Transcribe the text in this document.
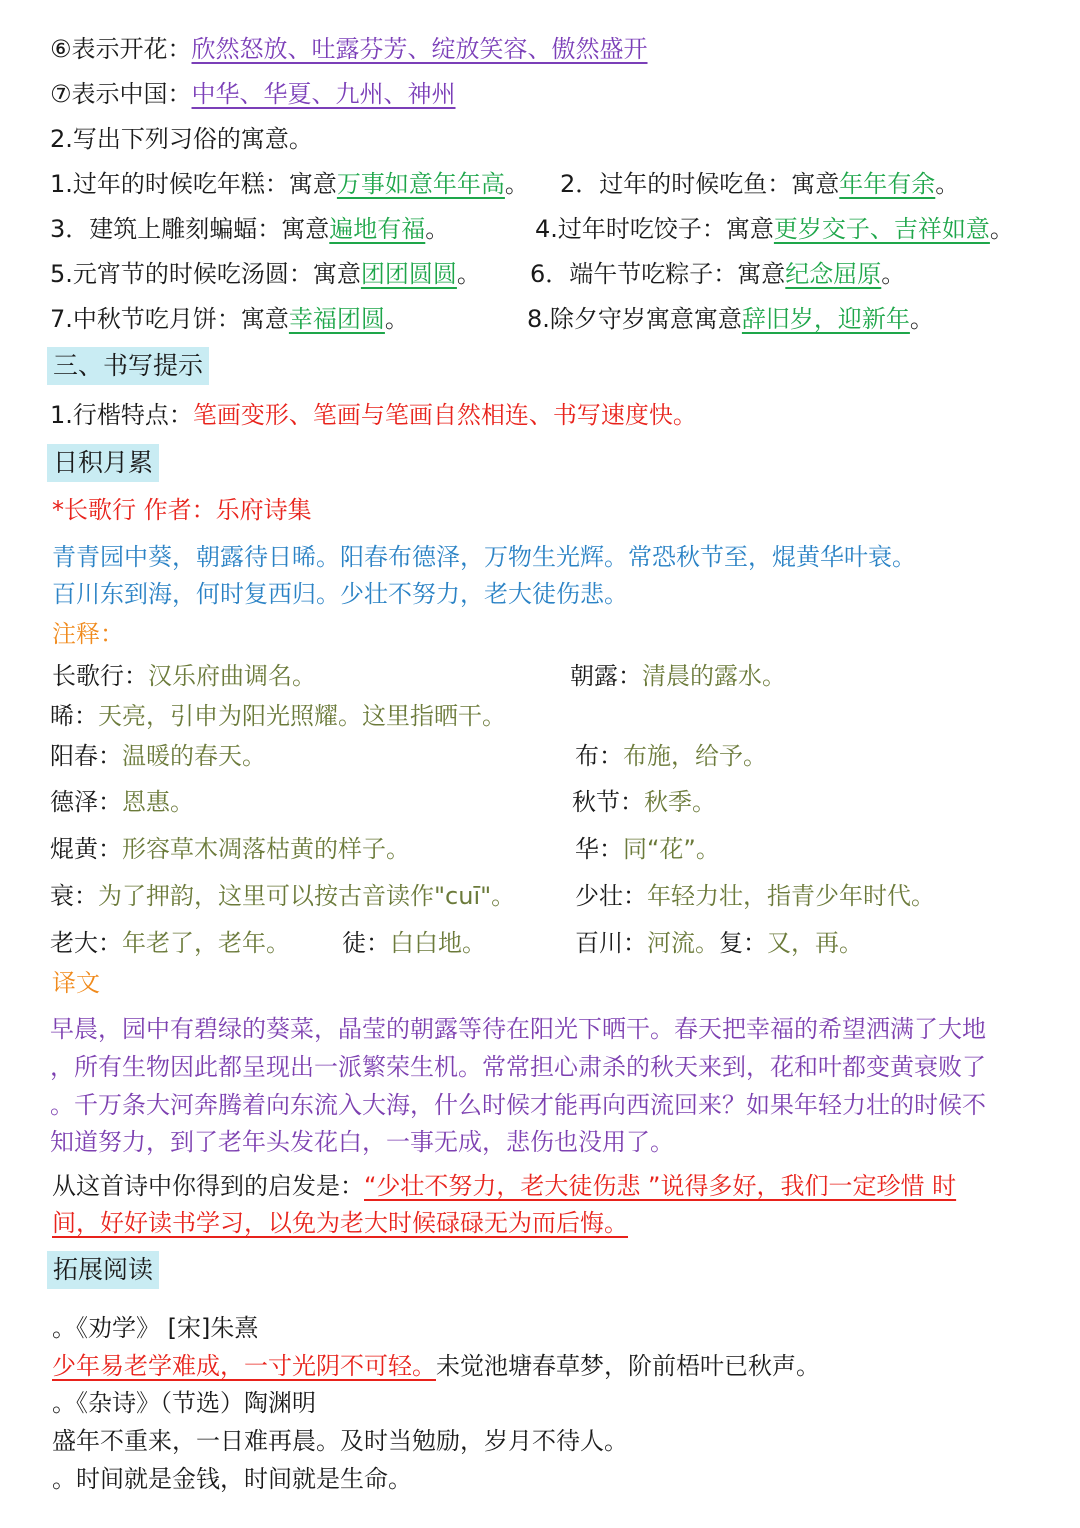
⑥表示开花：欣然怒放、吐露芬芳、绽放笑容、傲然盛开
⑦表示中国：中华、华夏、九州、神州
2.写出下列习俗的寓意。
1.过年的时候吃年糕：寓意万事如意年年高。 2．过年的时候吃鱼：寓意年年有余。
3．建筑上雕刻蝙蝠：寓意遍地有福。	4.过年时吃饺子：寓意更岁交子、吉祥如意。
5.元宵节的时候吃汤圆：寓意团团圆圆。 6．端午节吃粽子：寓意纪念屈原。
7.中秋节吃月饼：寓意幸福团圆。	8.除夕守岁寓意寓意辞旧岁，迎新年。
三、书写提示
1.行楷特点：笔画变形、笔画与笔画自然相连、书写速度快。
日积月累
*长歌行 作者：乐府诗集
青青园中葵，朝露待日晞。阳春布德泽，万物生光辉。常恐秋节至，焜黄华叶衰。
百川东到海，何时复西归。少壮不努力，老大徒伤悲。
注释：
长歌行：汉乐府曲调名。	朝露：清晨的露水。
晞：天亮，引申为阳光照耀。这里指晒干。
阳春：温暖的春天。	布：布施，给予。
德泽：恩惠。	秋节：秋季。
焜黄：形容草木凋落枯黄的样子。	华：同“花”。
衰：为了押韵，这里可以按古音读作"cuī"。 少壮：年轻力壮，指青少年时代。
老大：年老了，老年。 徒：白白地。	百川：河流。复：又，再。
译文
早晨，园中有碧绿的葵菜，晶莹的朝露等待在阳光下晒干。春天把幸福的希望洒满了大地
，所有生物因此都呈现出一派繁荣生机。常常担心肃杀的秋天来到，花和叶都变黄衰败了
。千万条大河奔腾着向东流入大海，什么时候才能再向西流回来？如果年轻力壮的时候不
知道努力，到了老年头发花白，一事无成，悲伤也没用了。
从这首诗中你得到的启发是：“少壮不努力，老大徒伤悲 ”说得多好，我们一定珍惜 时
间，好好读书学习，以免为老大时候碌碌无为而后悔。
拓展阅读
。《劝学》 [宋]朱熹
少年易老学难成，一寸光阴不可轻。未觉池塘春草梦，阶前梧叶已秋声。
。《杂诗》（节选）陶渊明
盛年不重来，一日难再晨。及时当勉励，岁月不待人。
。时间就是金钱，时间就是生命。
